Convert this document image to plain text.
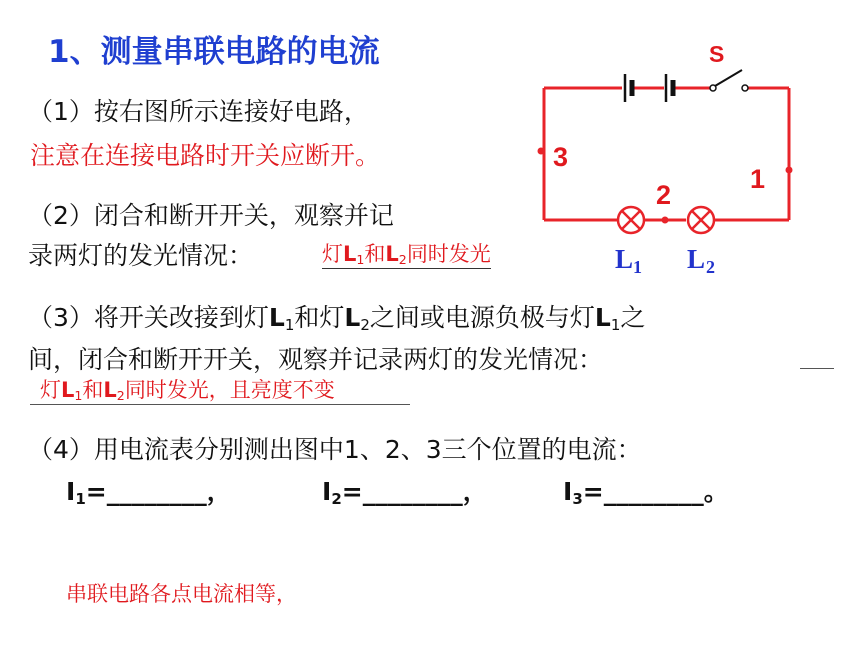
1、测量串联电路的电流
（1）按右图所示连接好电路，
注意在连接电路时开关应断开。
（2）闭合和断开开关，观察并记
录两灯的发光情况：	灯$L_1$和$L_2$同时发光
（3）将开关改接到灯$L_1$和灯$L_2$之间或电源负极与灯$L_1$之
间，闭合和断开开关，观察并记录两灯的发光情况：
灯$L_1$和$L_2$同时发光，且亮度不变
（4）用电流表分别测出图中1、2、3三个位置的电流：
$I_1=\_\_\_\_\_\_\_\_$，	$I_2=\_\_\_\_\_\_\_\_$，	$I_3=\_\_\_\_\_\_\_\_$。
串联电路各点电流相等，
S
3
2
1
L 1 L 2
